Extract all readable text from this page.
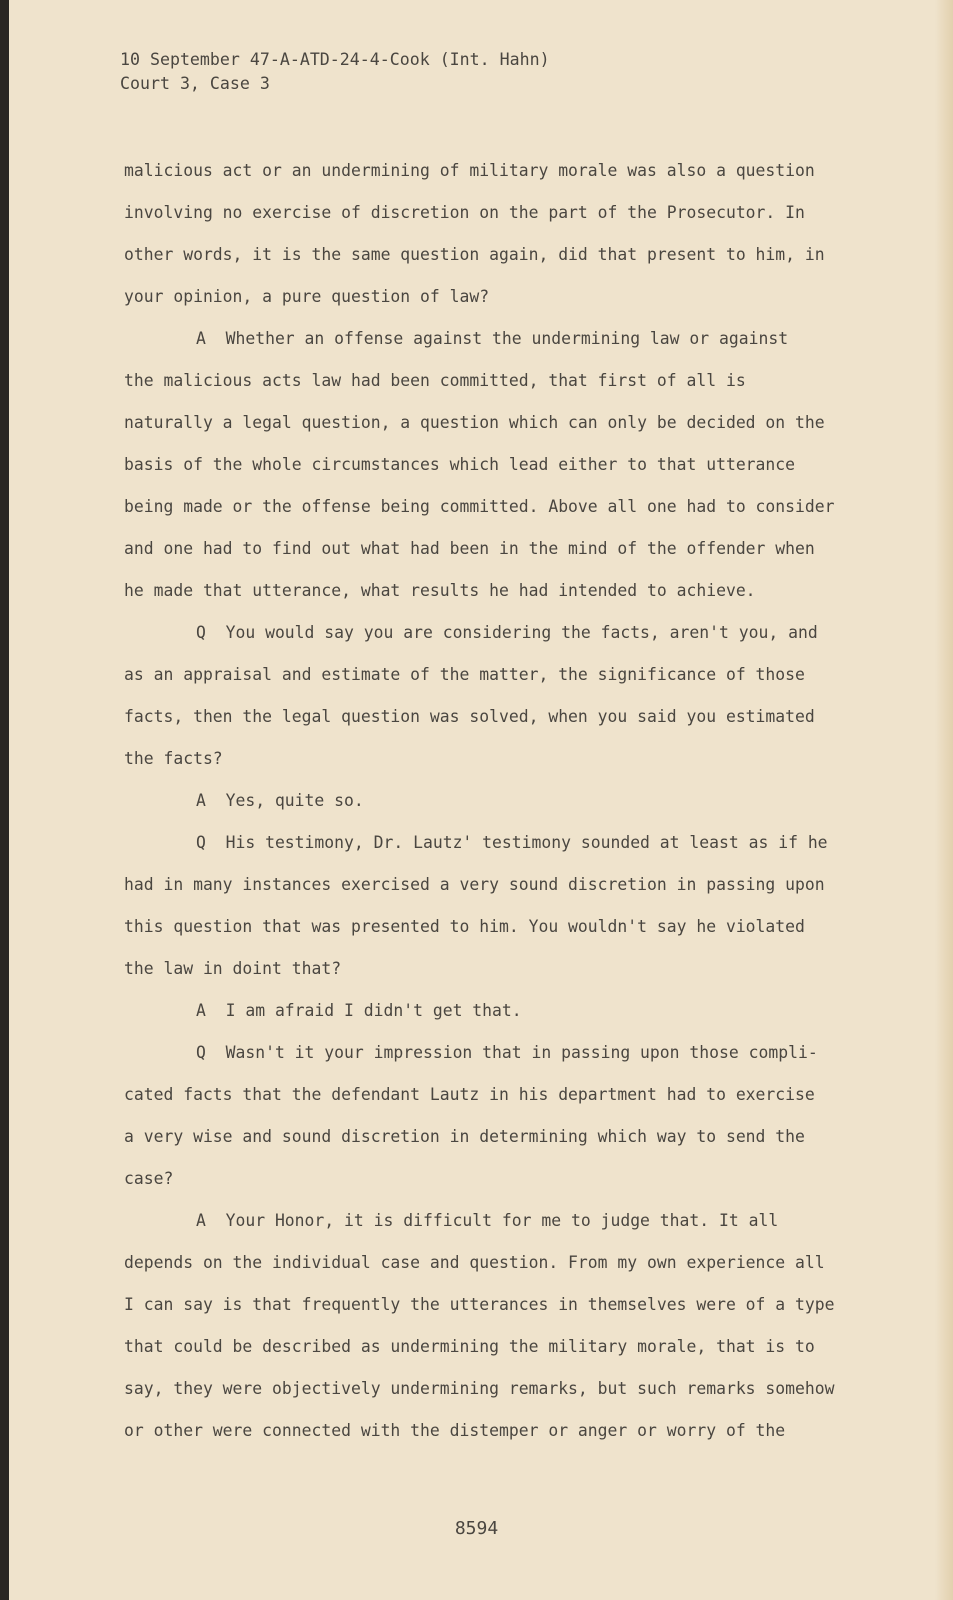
10 September 47-A-ATD-24-4-Cook (Int. Hahn)
Court 3, Case 3
malicious act or an undermining of military morale was also a question
involving no exercise of discretion on the part of the Prosecutor. In
other words, it is the same question again, did that present to him, in
your opinion, a pure question of law?
A  Whether an offense against the undermining law or against
the malicious acts law had been committed, that first of all is
naturally a legal question, a question which can only be decided on the
basis of the whole circumstances which lead either to that utterance
being made or the offense being committed. Above all one had to consider
and one had to find out what had been in the mind of the offender when
he made that utterance, what results he had intended to achieve.
Q  You would say you are considering the facts, aren't you, and
as an appraisal and estimate of the matter, the significance of those
facts, then the legal question was solved, when you said you estimated
the facts?
A  Yes, quite so.
Q  His testimony, Dr. Lautz' testimony sounded at least as if he
had in many instances exercised a very sound discretion in passing upon
this question that was presented to him. You wouldn't say he violated
the law in doint that?
A  I am afraid I didn't get that.
Q  Wasn't it your impression that in passing upon those compli-
cated facts that the defendant Lautz in his department had to exercise
a very wise and sound discretion in determining which way to send the
case?
A  Your Honor, it is difficult for me to judge that. It all
depends on the individual case and question. From my own experience all
I can say is that frequently the utterances in themselves were of a type
that could be described as undermining the military morale, that is to
say, they were objectively undermining remarks, but such remarks somehow
or other were connected with the distemper or anger or worry of the
8594
